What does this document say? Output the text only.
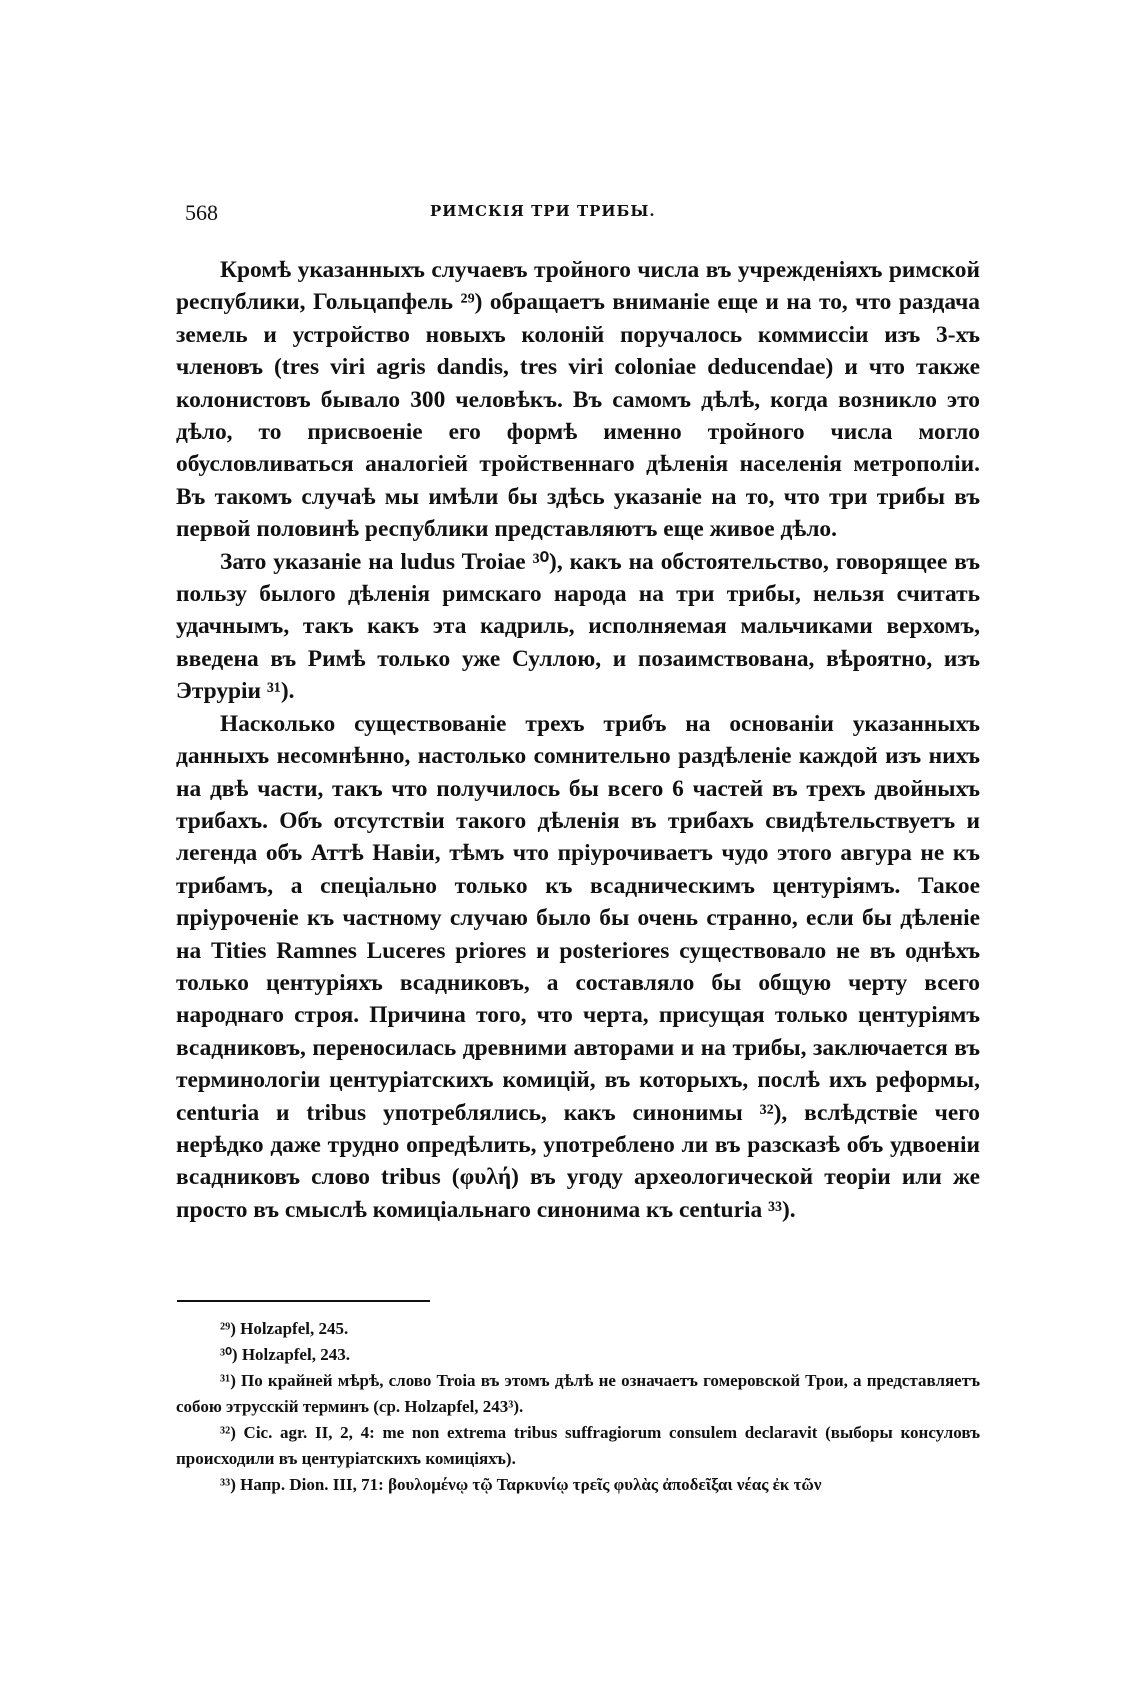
568	РИМСКІЯ ТРИ ТРИБЫ.

Кромѣ указанныхъ случаевъ тройного числа въ учрежденіяхъ римской республики, Гольцапфель ²⁹) обращаетъ вниманіе еще и на то, что раздача земель и устройство новыхъ колоній поручалось коммиссіи изъ 3-хъ членовъ (tres viri agris dandis, tres viri coloniae deducendae) и что также колонистовъ бывало 300 человѣкъ. Въ самомъ дѣлѣ, когда возникло это дѣло, то присвоеніе его формѣ именно тройного числа могло обусловливаться аналогіей тройственнаго дѣленія населенія метрополіи. Въ такомъ случаѣ мы имѣли бы здѣсь указаніе на то, что три трибы въ первой половинѣ республики представляютъ еще живое дѣло.

Зато указаніе на ludus Troiae ³⁰), какъ на обстоятельство, говорящее въ пользу былого дѣленія римскаго народа на три трибы, нельзя считать удачнымъ, такъ какъ эта кадриль, исполняемая мальчиками верхомъ, введена въ Римѣ только уже Суллою, и позаимствована, вѣроятно, изъ Этруріи ³¹).

Насколько существованіе трехъ трибъ на основаніи указанныхъ данныхъ несомнѣнно, настолько сомнительно раздѣленіе каждой изъ нихъ на двѣ части, такъ что получилось бы всего 6 частей въ трехъ двойныхъ трибахъ. Объ отсутствіи такого дѣленія въ трибахъ свидѣтельствуетъ и легенда объ Аттѣ Навіи, тѣмъ что пріурочиваетъ чудо этого авгура не къ трибамъ, а спеціально только къ всадническимъ центуріямъ. Такое пріуроченіе къ частному случаю было бы очень странно, если бы дѣленіе на Tities Ramnes Luceres priores и posteriores существовало не въ однѣхъ только центуріяхъ всадниковъ, а составляло бы общую черту всего народнаго строя. Причина того, что черта, присущая только центуріямъ всадниковъ, переносилась древними авторами и на трибы, заключается въ терминологіи центуріатскихъ комицій, въ которыхъ, послѣ ихъ реформы, centuria и tribus употреблялись, какъ синонимы ³²), вслѣдствіе чего нерѣдко даже трудно опредѣлить, употреблено ли въ разсказѣ объ удвоеніи всадниковъ слово tribus (φυλή) въ угоду археологической теоріи или же просто въ смыслѣ комиціальнаго синонима къ centuria ³³).

²⁹) Holzapfel, 245.

³⁰) Holzapfel, 243.

³¹) По крайней мѣрѣ, слово Troia въ этомъ дѣлѣ не означаетъ гомеровской Трои, а представляетъ собою этрусскій терминъ (ср. Holzapfel, 243³).

³²) Cic. agr. II, 2, 4: me non extrema tribus suffragiorum consulem declaravit (выборы консуловъ происходили въ центуріатскихъ комиціяхъ).

³³) Напр. Dion. III, 71: βουλομένῳ τῷ Ταρκυνίῳ τρεῖς φυλὰς ἀποδεῖξαι νέας ἐκ τῶν
